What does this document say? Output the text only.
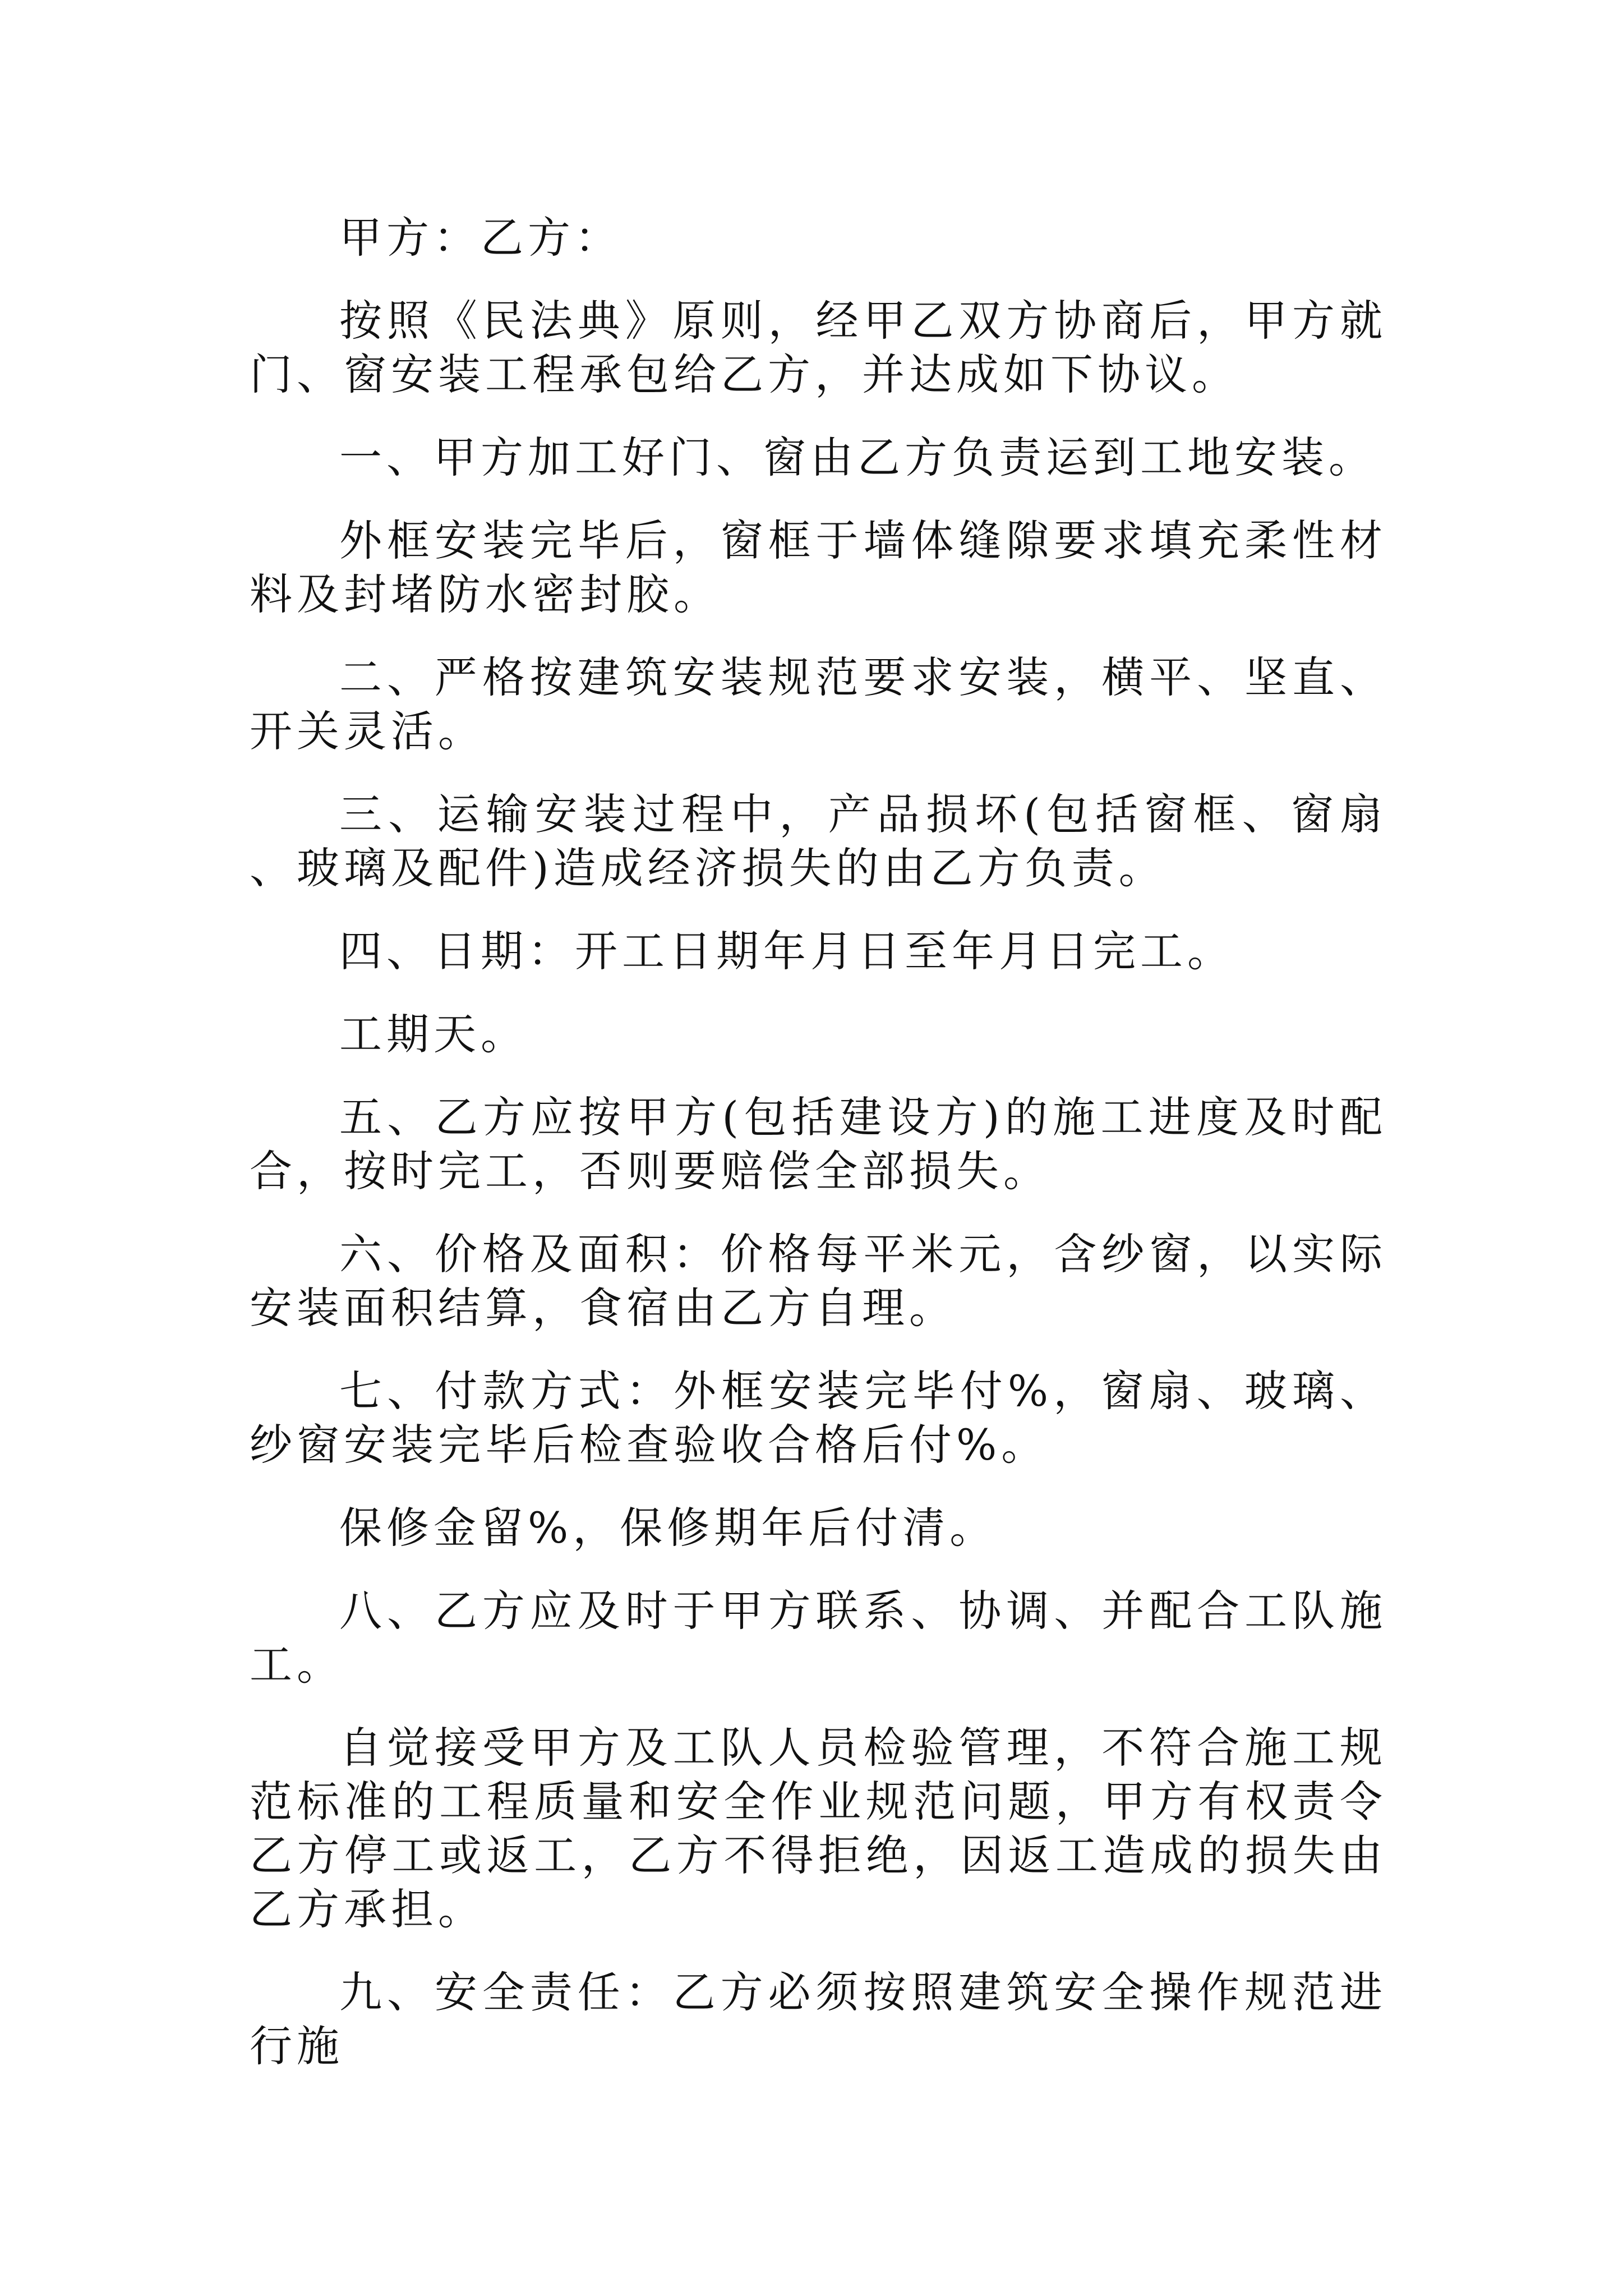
甲方：乙方：

按照《民法典》原则，经甲乙双方协商后，甲方就门、窗安装工程承包给乙方，并达成如下协议。

一、甲方加工好门、窗由乙方负责运到工地安装。

外框安装完毕后，窗框于墙体缝隙要求填充柔性材料及封堵防水密封胶。

二、严格按建筑安装规范要求安装，横平、坚直、开关灵活。

三、运输安装过程中，产品损坏(包括窗框、窗扇、玻璃及配件)造成经济损失的由乙方负责。

四、日期：开工日期年月日至年月日完工。

工期天。

五、乙方应按甲方(包括建设方)的施工进度及时配合，按时完工，否则要赔偿全部损失。

六、价格及面积：价格每平米元，含纱窗，以实际安装面积结算，食宿由乙方自理。

七、付款方式：外框安装完毕付%，窗扇、玻璃、纱窗安装完毕后检查验收合格后付%。

保修金留%，保修期年后付清。

八、乙方应及时于甲方联系、协调、并配合工队施工。

自觉接受甲方及工队人员检验管理，不符合施工规范标准的工程质量和安全作业规范问题，甲方有权责令乙方停工或返工，乙方不得拒绝，因返工造成的损失由乙方承担。

九、安全责任：乙方必须按照建筑安全操作规范进行施
